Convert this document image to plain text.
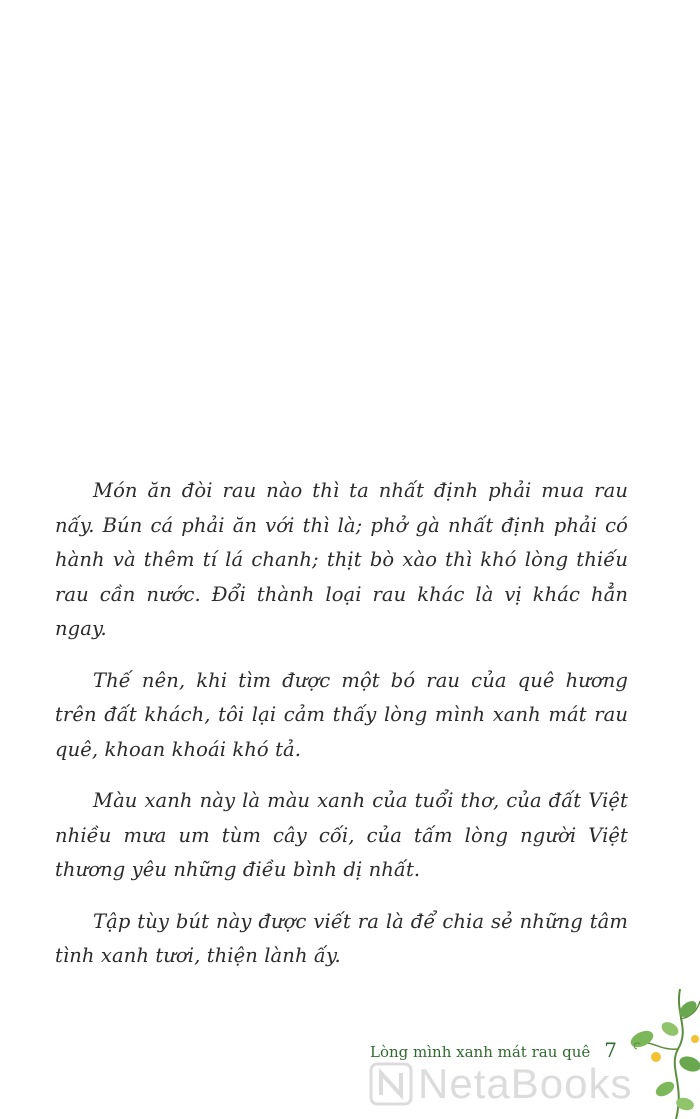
Món ăn đòi rau nào thì ta nhất định phải mua rau nấy. Bún cá phải ăn với thì là; phở gà nhất định phải có hành và thêm tí lá chanh; thịt bò xào thì khó lòng thiếu rau cần nước. Đổi thành loại rau khác là vị khác hẳn ngay.

Thế nên, khi tìm được một bó rau của quê hương trên đất khách, tôi lại cảm thấy lòng mình xanh mát rau quê, khoan khoái khó tả.

Màu xanh này là màu xanh của tuổi thơ, của đất Việt nhiều mưa um tùm cây cối, của tấm lòng người Việt thương yêu những điều bình dị nhất.

Tập tùy bút này được viết ra là để chia sẻ những tâm tình xanh tươi, thiện lành ấy.

Lòng mình xanh mát rau quê 7
NetaBooks
